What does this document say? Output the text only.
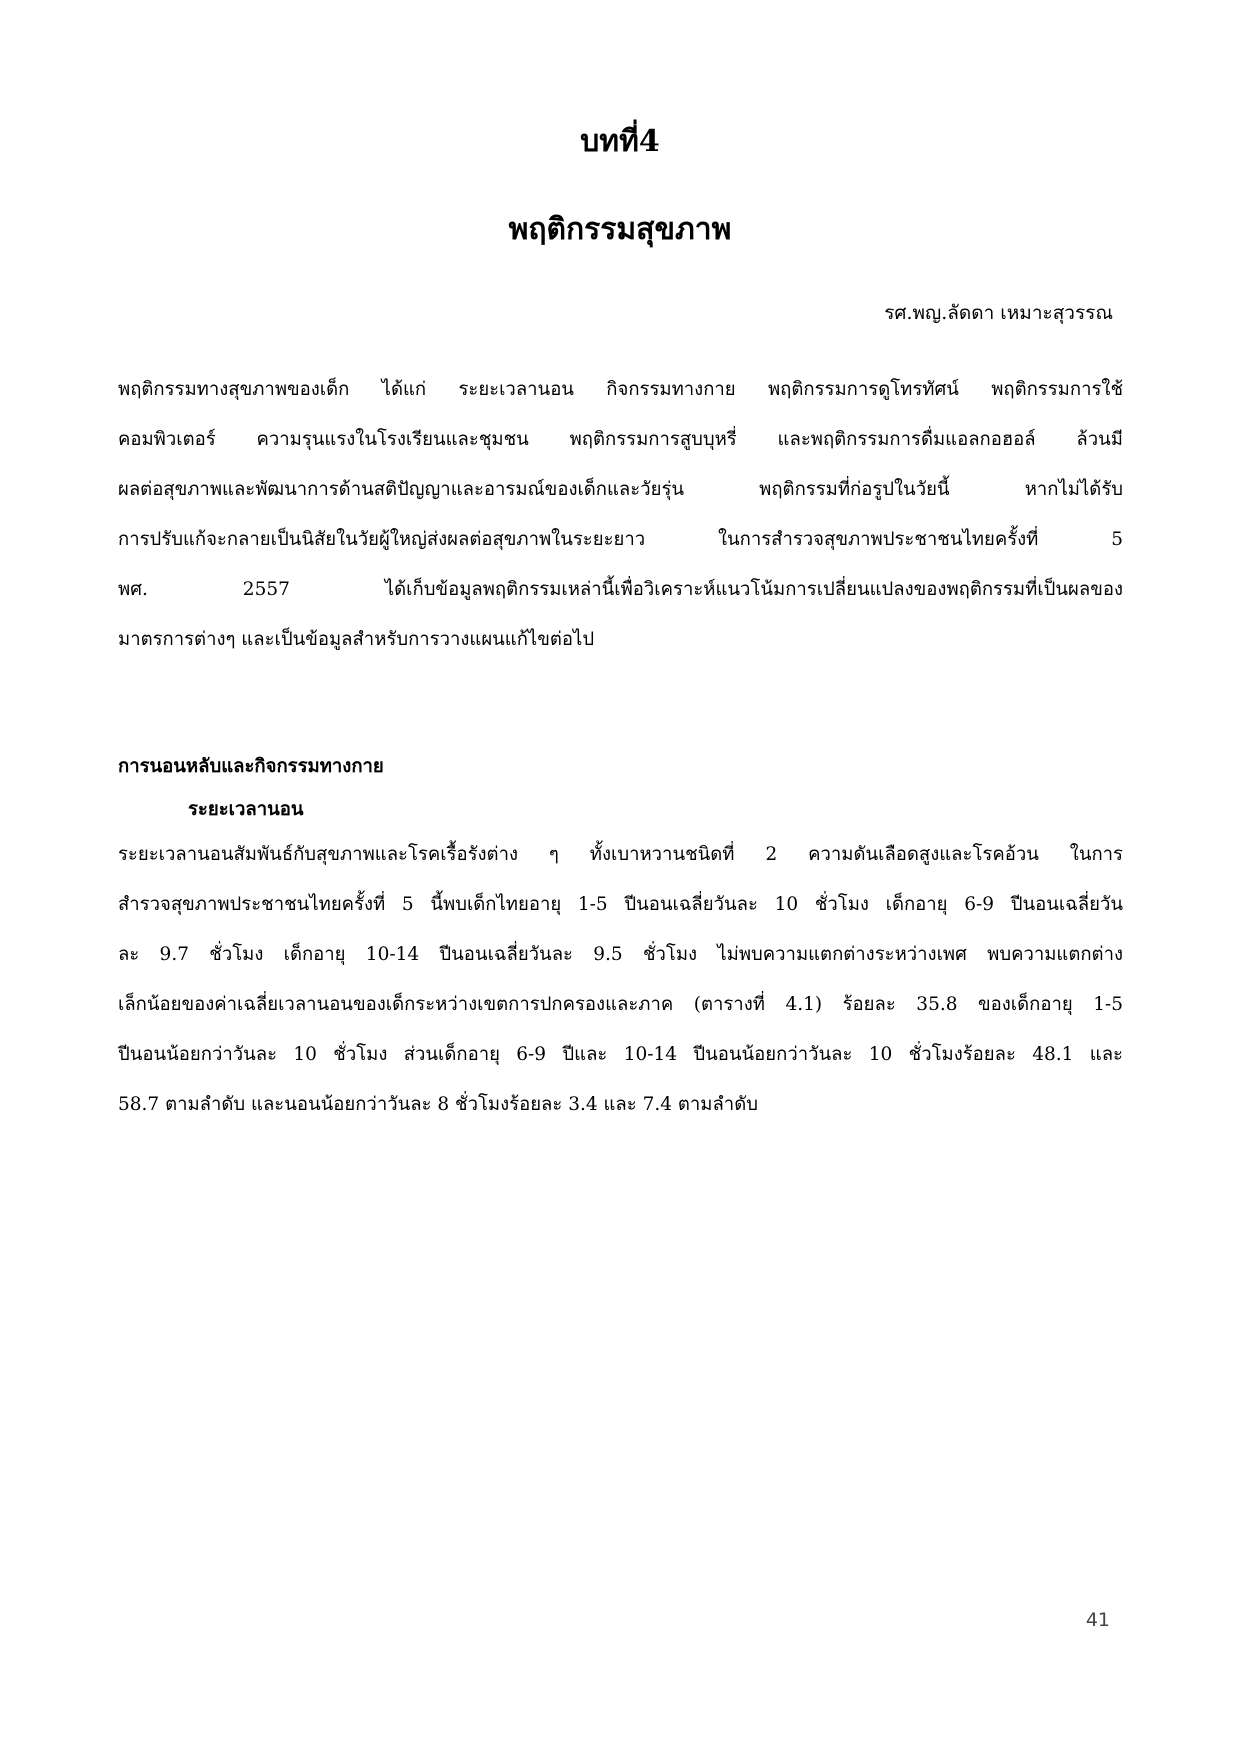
บทที่4
พฤติกรรมสุขภาพ
รศ.พญ.ลัดดา เหมาะสุวรรณ
พฤติกรรมทางสุขภาพของเด็ก ได้แก่ ระยะเวลานอน กิจกรรมทางกาย พฤติกรรมการดูโทรทัศน์ พฤติกรรมการใช้
คอมพิวเตอร์ ความรุนแรงในโรงเรียนและชุมชน พฤติกรรมการสูบบุหรี่ และพฤติกรรมการดื่มแอลกอฮอล์ ล้วนมี
ผลต่อสุขภาพและพัฒนาการด้านสติปัญญาและอารมณ์ของเด็กและวัยรุ่น พฤติกรรมที่ก่อรูปในวัยนี้ หากไม่ได้รับ
การปรับแก้จะกลายเป็นนิสัยในวัยผู้ใหญ่ส่งผลต่อสุขภาพในระยะยาว ในการสำรวจสุขภาพประชาชนไทยครั้งที่ 5
พศ. 2557 ได้เก็บข้อมูลพฤติกรรมเหล่านี้เพื่อวิเคราะห์แนวโน้มการเปลี่ยนแปลงของพฤติกรรมที่เป็นผลของ
มาตรการต่างๆ และเป็นข้อมูลสำหรับการวางแผนแก้ไขต่อไป
การนอนหลับและกิจกรรมทางกาย
ระยะเวลานอน
ระยะเวลานอนสัมพันธ์กับสุขภาพและโรคเรื้อรังต่าง ๆ ทั้งเบาหวานชนิดที่ 2 ความดันเลือดสูงและโรคอ้วน ในการ
สำรวจสุขภาพประชาชนไทยครั้งที่ 5 นี้พบเด็กไทยอายุ 1-5 ปีนอนเฉลี่ยวันละ 10 ชั่วโมง เด็กอายุ 6-9 ปีนอนเฉลี่ยวัน
ละ 9.7 ชั่วโมง เด็กอายุ 10-14 ปีนอนเฉลี่ยวันละ 9.5 ชั่วโมง ไม่พบความแตกต่างระหว่างเพศ พบความแตกต่าง
เล็กน้อยของค่าเฉลี่ยเวลานอนของเด็กระหว่างเขตการปกครองและภาค (ตารางที่ 4.1) ร้อยละ 35.8 ของเด็กอายุ 1-5
ปีนอนน้อยกว่าวันละ 10 ชั่วโมง ส่วนเด็กอายุ 6-9 ปีและ 10-14 ปีนอนน้อยกว่าวันละ 10 ชั่วโมงร้อยละ 48.1 และ
58.7 ตามลำดับ และนอนน้อยกว่าวันละ 8 ชั่วโมงร้อยละ 3.4 และ 7.4 ตามลำดับ
41
